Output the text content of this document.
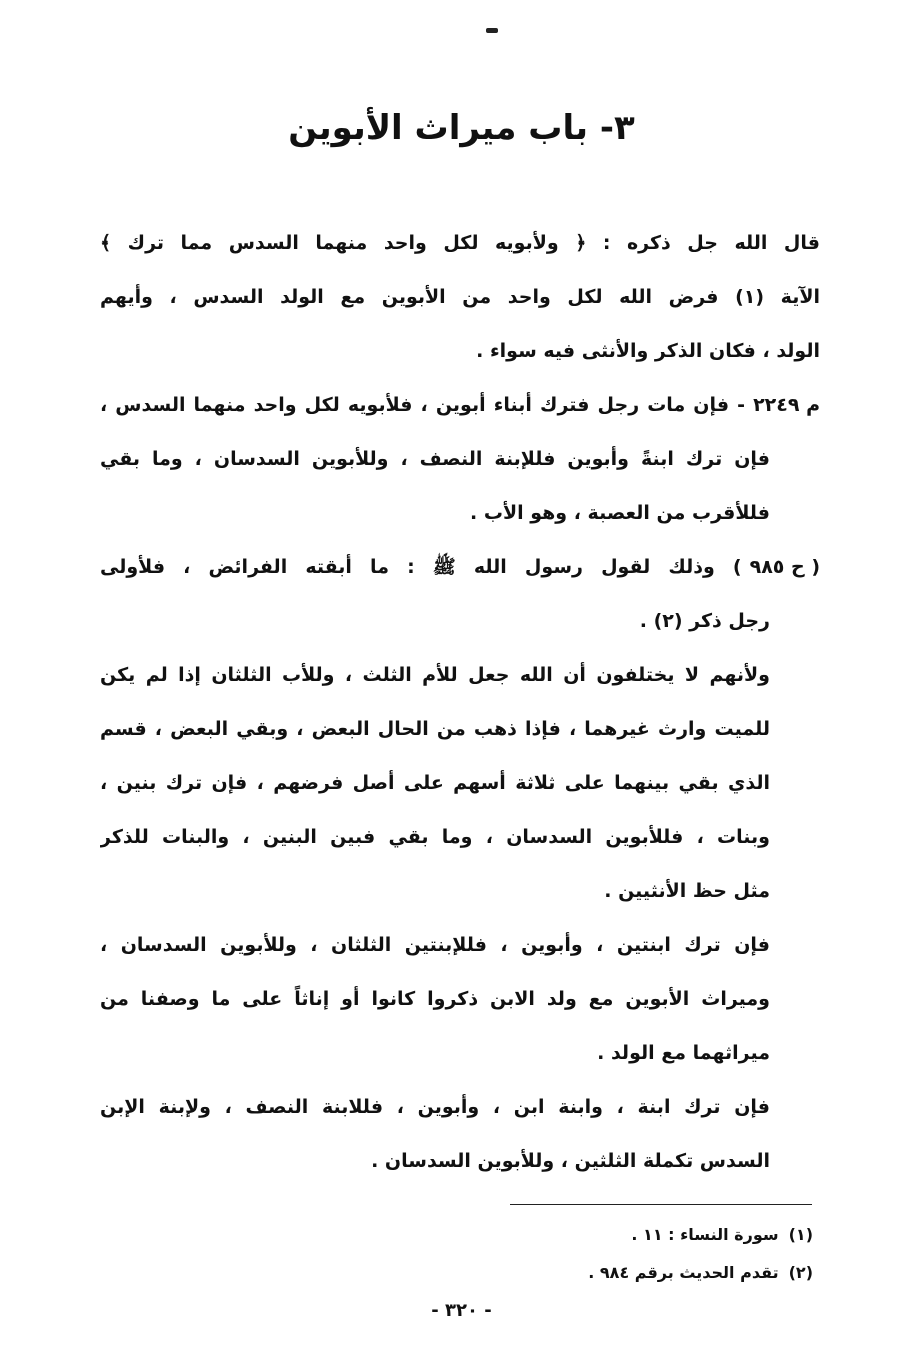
٣- باب ميراث الأبوين
قال الله جل ذكره : ﴿ ولأبويه لكل واحد منهما السدس مما ترك ﴾
الآية (١) فرض الله لكل واحد من الأبوين مع الولد السدس ، وأيهم
الولد ، فكان الذكر والأنثى فيه سواء .
م ٢٢٤٩- فإن مات رجل فترك أبناء أبوين ، فلأبويه لكل واحد منهما السدس ،
فإن ترك ابنةً وأبوين فللإبنة النصف ، وللأبوين السدسان ، وما بقي
فللأقرب من العصبة ، وهو الأب .
( ح ٩٨٥) وذلك لقول رسول الله ﷺ : ما أبقته الفرائض ، فلأولى
رجل ذكر (٢) .
ولأنهم لا يختلفون أن الله جعل للأم الثلث ، وللأب الثلثان إذا لم يكن
للميت وارث غيرهما ، فإذا ذهب من الحال البعض ، وبقي البعض ، قسم
الذي بقي بينهما على ثلاثة أسهم على أصل فرضهم ، فإن ترك بنين ،
وبنات ، فللأبوين السدسان ، وما بقي فبين البنين ، والبنات للذكر
مثل حظ الأنثيين .
فإن ترك ابنتين ، وأبوين ، فللإبنتين الثلثان ، وللأبوين السدسان ،
وميراث الأبوين مع ولد الابن ذكروا كانوا أو إناثاً على ما وصفنا من
ميراثهما مع الولد .
فإن ترك ابنة ، وابنة ابن ، وأبوين ، فللابنة النصف ، ولإبنة الإبن
السدس تكملة الثلثين ، وللأبوين السدسان .
(١)سورة النساء : ١١ .
(٢)تقدم الحديث برقم ٩٨٤ .
- ٣٢٠ -
